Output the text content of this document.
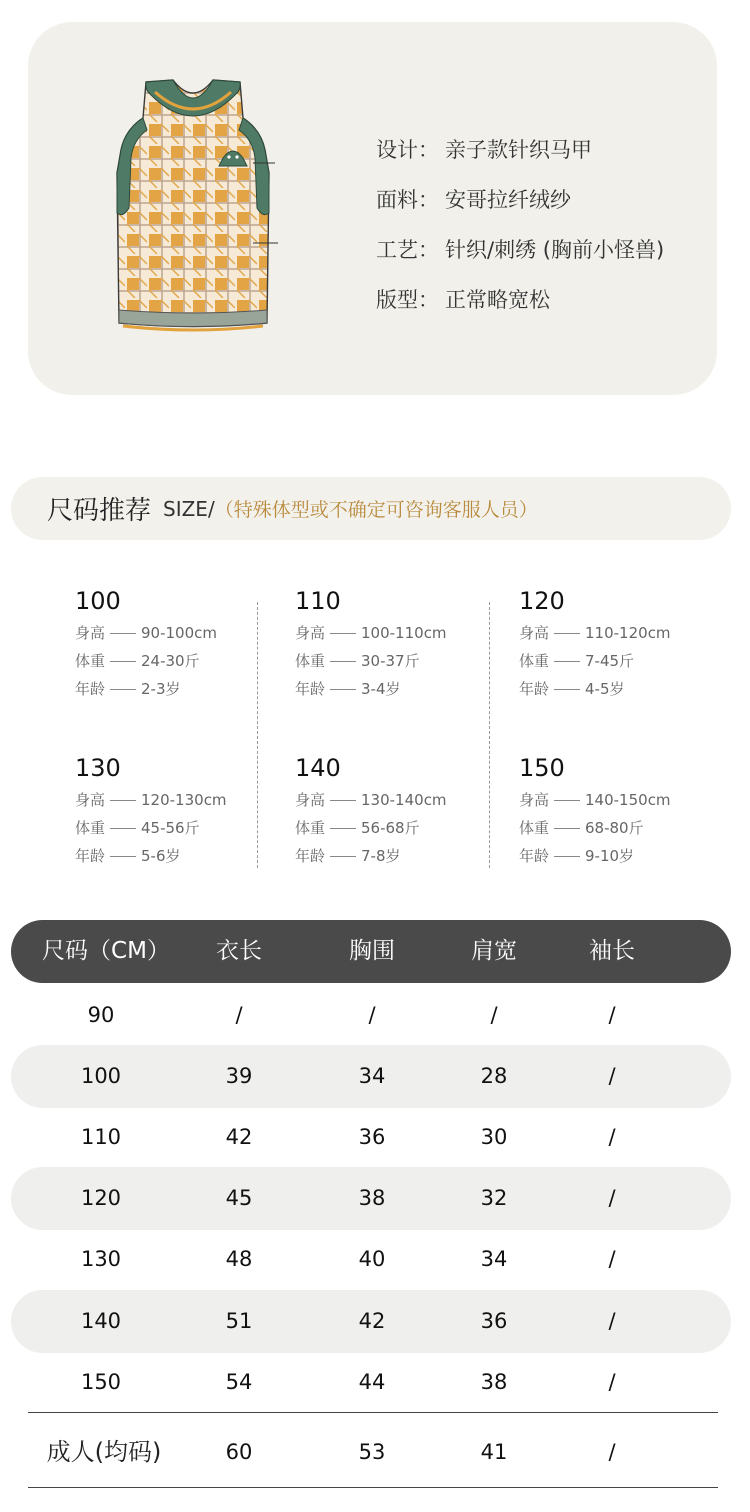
设计 ： 亲子款针织马甲
面料 ： 安哥拉纤绒纱
工艺 ： 针织/刺绣 (胸前小怪兽)
版型 ： 正常略宽松
尺码推荐 SIZE/ （特殊体型或不确定可咨询客服人员）
100
身高 90-100cm
体重 24-30斤
年龄 2-3岁
110
身高 100-110cm
体重 30-37斤
年龄 3-4岁
120
身高 110-120cm
体重 7-45斤
年龄 4-5岁
130
身高 120-130cm
体重 45-56斤
年龄 5-6岁
140
身高 130-140cm
体重 56-68斤
年龄 7-8岁
150
身高 140-150cm
体重 68-80斤
年龄 9-10岁
尺码（CM）	衣长	胸围	肩宽	袖长
90	/	/	/	/
100	39	34	28	/
110	42	36	30	/
120	45	38	32	/
130	48	40	34	/
140	51	42	36	/
150	54	44	38	/
成人(均码)	60	53	41	/
